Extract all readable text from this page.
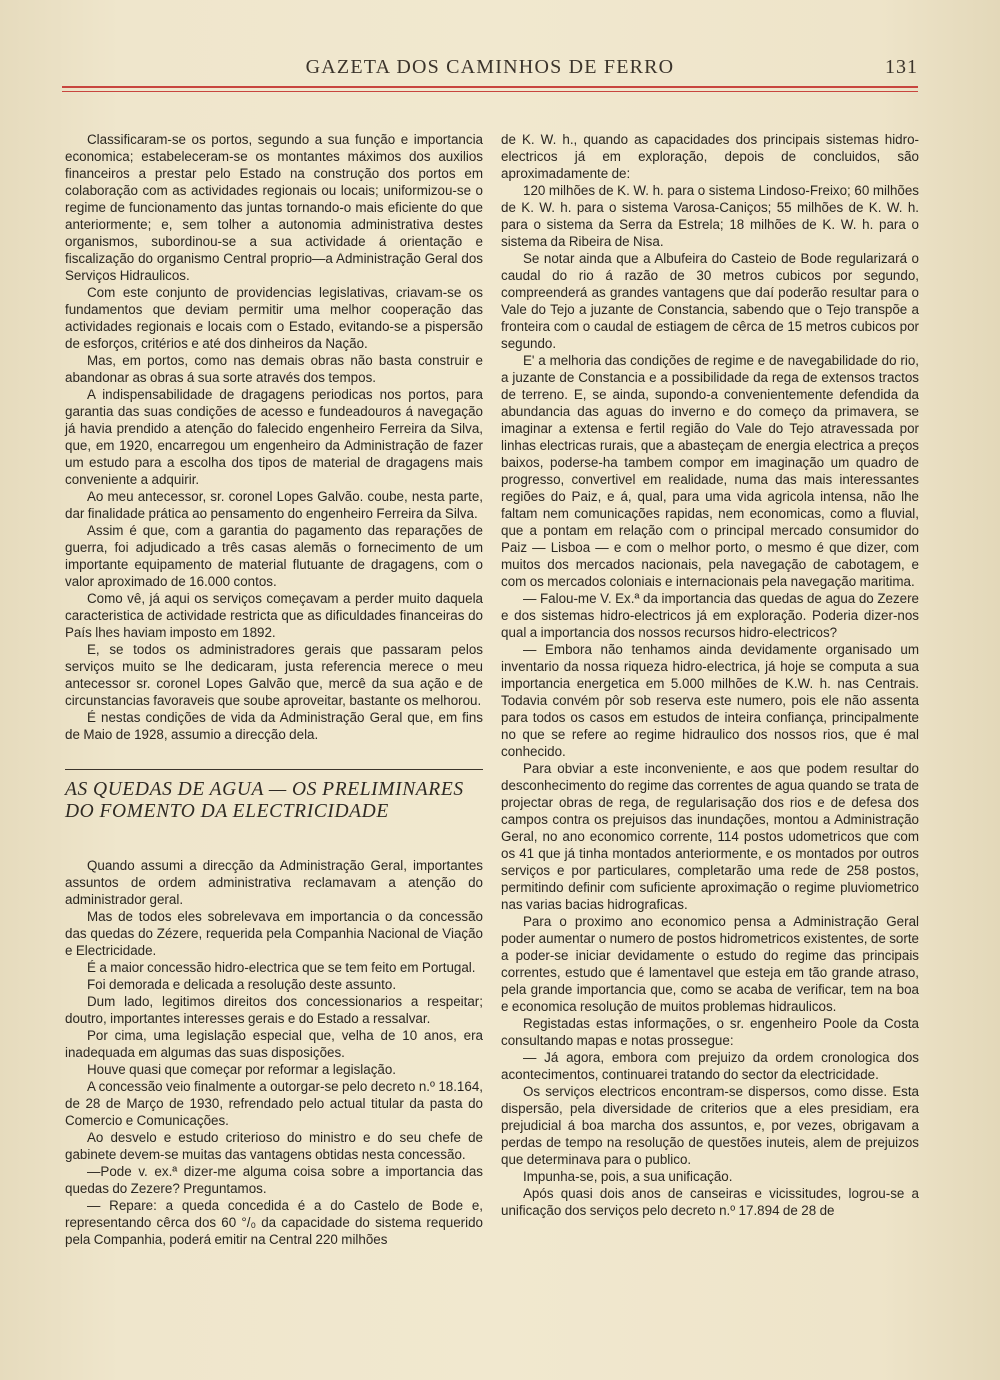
GAZETA DOS CAMINHOS DE FERRO	131

Classificaram-se os portos, segundo a sua função e importancia economica; estabeleceram-se os montantes máximos dos auxilios financeiros a prestar pelo Estado na construção dos portos em colaboração com as actividades regionais ou locais; uniformizou-se o regime de funcionamento das juntas tornando-o mais eficiente do que anteriormente; e, sem tolher a autonomia administrativa destes organismos, subordinou-se a sua actividade á orientação e fiscalização do organismo Central proprio—a Administração Geral dos Serviços Hidraulicos.

Com este conjunto de providencias legislativas, criavam-se os fundamentos que deviam permitir uma melhor cooperação das actividades regionais e locais com o Estado, evitando-se a pispersão de esforços, critérios e até dos dinheiros da Nação.

Mas, em portos, como nas demais obras não basta construir e abandonar as obras á sua sorte através dos tempos.

A indispensabilidade de dragagens periodicas nos portos, para garantia das suas condições de acesso e fundeadouros á navegação já havia prendido a atenção do falecido engenheiro Ferreira da Silva, que, em 1920, encarregou um engenheiro da Administração de fazer um estudo para a escolha dos tipos de material de dragagens mais conveniente a adquirir.

Ao meu antecessor, sr. coronel Lopes Galvão. coube, nesta parte, dar finalidade prática ao pensamento do engenheiro Ferreira da Silva.

Assim é que, com a garantia do pagamento das reparações de guerra, foi adjudicado a três casas alemãs o fornecimento de um importante equipamento de material flutuante de dragagens, com o valor aproximado de 16.000 contos.

Como vê, já aqui os serviços começavam a perder muito daquela caracteristica de actividade restricta que as dificuldades financeiras do País lhes haviam imposto em 1892.

E, se todos os administradores gerais que passaram pelos serviços muito se lhe dedicaram, justa referencia merece o meu antecessor sr. coronel Lopes Galvão que, mercê da sua ação e de circunstancias favoraveis que soube aproveitar, bastante os melhorou.

É nestas condições de vida da Administração Geral que, em fins de Maio de 1928, assumio a direcção dela.

AS QUEDAS DE AGUA — OS PRELIMINARES
DO FOMENTO DA ELECTRICIDADE

Quando assumi a direcção da Administração Geral, importantes assuntos de ordem administrativa reclamavam a atenção do administrador geral.

Mas de todos eles sobrelevava em importancia o da concessão das quedas do Zézere, requerida pela Companhia Nacional de Viação e Electricidade.

É a maior concessão hidro-electrica que se tem feito em Portugal.

Foi demorada e delicada a resolução deste assunto.

Dum lado, legitimos direitos dos concessionarios a respeitar; doutro, importantes interesses gerais e do Estado a ressalvar.

Por cima, uma legislação especial que, velha de 10 anos, era inadequada em algumas das suas disposições.

Houve quasi que começar por reformar a legislação.

A concessão veio finalmente a outorgar-se pelo decreto n.º 18.164, de 28 de Março de 1930, refrendado pelo actual titular da pasta do Comercio e Comunicações.

Ao desvelo e estudo criterioso do ministro e do seu chefe de gabinete devem-se muitas das vantagens obtidas nesta concessão.

—Pode v. ex.ª dizer-me alguma coisa sobre a importancia das quedas do Zezere? Preguntamos.

— Repare: a queda concedida é a do Castelo de Bode e, representando cêrca dos 60 °/₀ da capacidade do sistema requerido pela Companhia, poderá emitir na Central 220 milhões

de K. W. h., quando as capacidades dos principais sistemas hidro-electricos já em exploração, depois de concluidos, são aproximadamente de:

120 milhões de K. W. h. para o sistema Lindoso-Freixo; 60 milhões de K. W. h. para o sistema Varosa-Caniços; 55 milhões de K. W. h. para o sistema da Serra da Estrela; 18 milhões de K. W. h. para o sistema da Ribeira de Nisa.

Se notar ainda que a Albufeira do Casteio de Bode regularizará o caudal do rio á razão de 30 metros cubicos por segundo, compreenderá as grandes vantagens que daí poderão resultar para o Vale do Tejo a juzante de Constancia, sabendo que o Tejo transpõe a fronteira com o caudal de estiagem de cêrca de 15 metros cubicos por segundo.

E' a melhoria das condições de regime e de navegabilidade do rio, a juzante de Constancia e a possibilidade da rega de extensos tractos de terreno. E, se ainda, supondo-a convenientemente defendida da abundancia das aguas do inverno e do começo da primavera, se imaginar a extensa e fertil região do Vale do Tejo atravessada por linhas electricas rurais, que a abasteçam de energia electrica a preços baixos, poderse-ha tambem compor em imaginação um quadro de progresso, convertivel em realidade, numa das mais interessantes regiões do Paiz, e á, qual, para uma vida agricola intensa, não lhe faltam nem comunicações rapidas, nem economicas, como a fluvial, que a pontam em relação com o principal mercado consumidor do Paiz — Lisboa — e com o melhor porto, o mesmo é que dizer, com muitos dos mercados nacionais, pela navegação de cabotagem, e com os mercados coloniais e internacionais pela navegação maritima.

— Falou-me V. Ex.ª da importancia das quedas de agua do Zezere e dos sistemas hidro-electricos já em exploração. Poderia dizer-nos qual a importancia dos nossos recursos hidro-electricos?

— Embora não tenhamos ainda devidamente organisado um inventario da nossa riqueza hidro-electrica, já hoje se computa a sua importancia energetica em 5.000 milhões de K.W. h. nas Centrais. Todavia convém pôr sob reserva este numero, pois ele não assenta para todos os casos em estudos de inteira confiança, principalmente no que se refere ao regime hidraulico dos nossos rios, que é mal conhecido.

Para obviar a este inconveniente, e aos que podem resultar do desconhecimento do regime das correntes de agua quando se trata de projectar obras de rega, de regularisação dos rios e de defesa dos campos contra os prejuisos das inundações, montou a Administração Geral, no ano economico corrente, 114 postos udometricos que com os 41 que já tinha montados anteriormente, e os montados por outros serviços e por particulares, completarão uma rede de 258 postos, permitindo definir com suficiente aproximação o regime pluviometrico nas varias bacias hidrograficas.

Para o proximo ano economico pensa a Administração Geral poder aumentar o numero de postos hidrometricos existentes, de sorte a poder-se iniciar devidamente o estudo do regime das principais correntes, estudo que é lamentavel que esteja em tão grande atraso, pela grande importancia que, como se acaba de verificar, tem na boa e economica resolução de muitos problemas hidraulicos.

Registadas estas informações, o sr. engenheiro Poole da Costa consultando mapas e notas prossegue:

— Já agora, embora com prejuizo da ordem cronologica dos acontecimentos, continuarei tratando do sector da electricidade.

Os serviços electricos encontram-se dispersos, como disse. Esta dispersão, pela diversidade de criterios que a eles presidiam, era prejudicial á boa marcha dos assuntos, e, por vezes, obrigavam a perdas de tempo na resolução de questões inuteis, alem de prejuizos que determinava para o publico.

Impunha-se, pois, a sua unificação.

Após quasi dois anos de canseiras e vicissitudes, logrou-se a unificação dos serviços pelo decreto n.º 17.894 de 28 de
